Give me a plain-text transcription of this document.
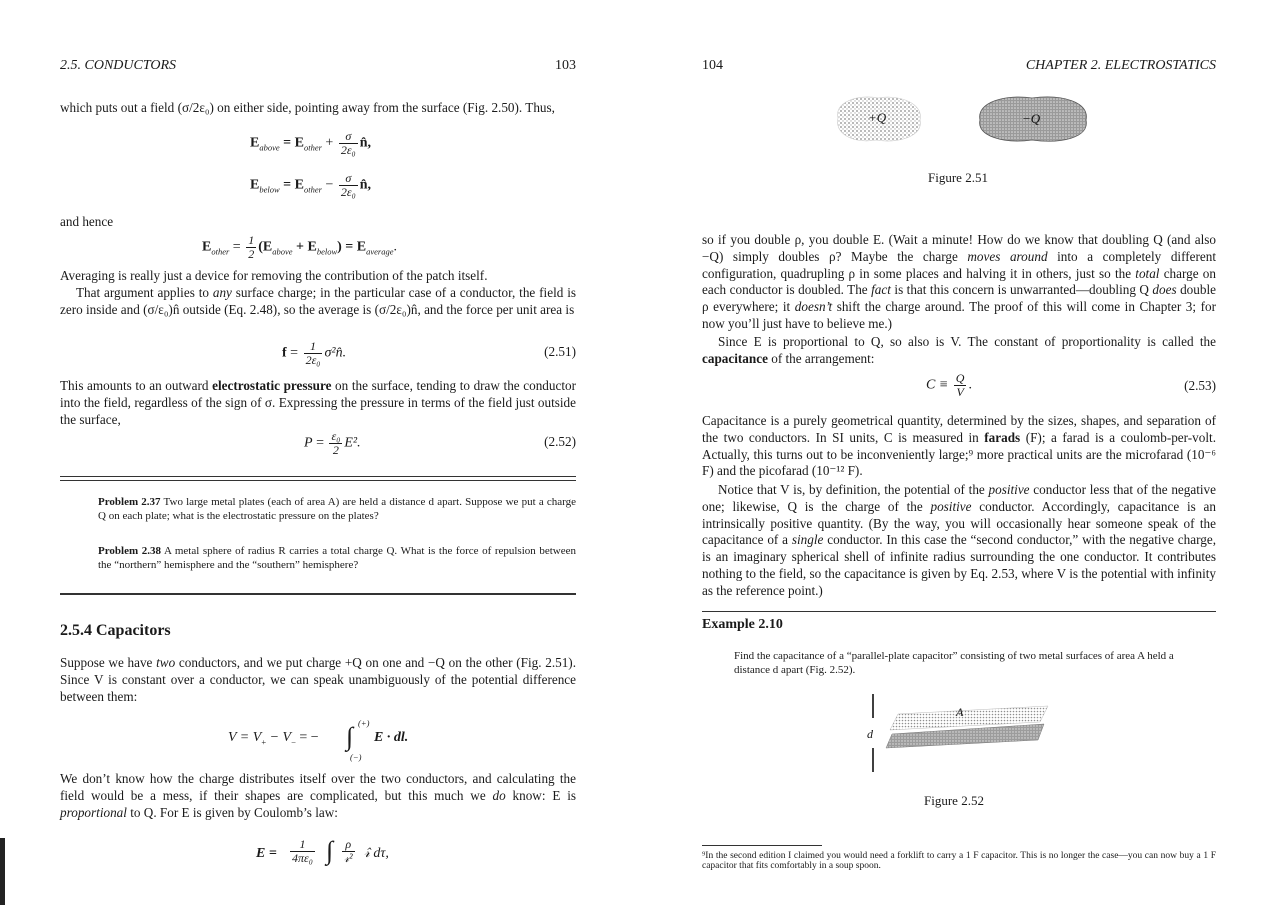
2.5. CONDUCTORS	103
which puts out a field (σ/2ε₀) on either side, pointing away from the surface (Fig. 2.50). Thus,
$E_{above} = E_{other} + \frac{\sigma}{\text{2ε₀}}$ n̂,
$E_{below} = E_{other} - \frac{\sigma}{\text{2ε₀}}$ n̂,
and hence
$E_{other} = \frac{1}{2} (E_{above} + E_{below}) = E_{average}$.
Averaging is really just a device for removing the contribution of the patch itself.
That argument applies to any surface charge; in the particular case of a conductor, the field is zero inside and (σ/ε₀)n̂ outside (Eq. 2.48), so the average is (σ/2ε₀)n̂, and the force per unit area is
$f = \frac{1}{\text{2ε₀}}$ σ²n̂.	(2.51)
This amounts to an outward electrostatic pressure on the surface, tending to draw the conductor into the field, regardless of the sign of σ. Expressing the pressure in terms of the field just outside the surface,
$P = \frac{\text{ε₀}}{2} E^2$.	(2.52)
Problem 2.37 Two large metal plates (each of area A) are held a distance d apart. Suppose we put a charge Q on each plate; what is the electrostatic pressure on the plates?
Problem 2.38 A metal sphere of radius R carries a total charge Q. What is the force of repulsion between the “northern” hemisphere and the “southern” hemisphere?
2.5.4 Capacitors
Suppose we have two conductors, and we put charge +Q on one and −Q on the other (Fig. 2.51). Since V is constant over a conductor, we can speak unambiguously of the potential difference between them:
$V = V_+ - V_-$ = − ∫ (+)
(−)
E · dl.
We don’t know how the charge distributes itself over the two conductors, and calculating the field would be a mess, if their shapes are complicated, but this much we do know: E is proportional to Q. For E is given by Coulomb’s law:
$E = \frac{1}{\text{4πε₀}}$ ∫ $\frac{\rho}{\text{𝓇²}}$ 𝓇̂ dτ,
104	CHAPTER 2. ELECTROSTATICS
+Q	−Q
Figure 2.51
so if you double ρ, you double E. (Wait a minute! How do we know that doubling Q (and also −Q) simply doubles ρ? Maybe the charge moves around into a completely different configuration, quadrupling ρ in some places and halving it in others, just so the total charge on each conductor is doubled. The fact is that this concern is unwarranted—doubling Q does double ρ everywhere; it doesn’t shift the charge around. The proof of this will come in Chapter 3; for now you’ll just have to believe me.)
Since E is proportional to Q, so also is V. The constant of proportionality is called the capacitance of the arrangement:
$C \equiv \frac{Q}{V}$ .	(2.53)
Capacitance is a purely geometrical quantity, determined by the sizes, shapes, and separation of the two conductors. In SI units, C is measured in farads (F); a farad is a coulomb-per-volt. Actually, this turns out to be inconveniently large;⁹ more practical units are the microfarad (10⁻⁶ F) and the picofarad (10⁻¹² F).
Notice that V is, by definition, the potential of the positive conductor less that of the negative one; likewise, Q is the charge of the positive conductor. Accordingly, capacitance is an intrinsically positive quantity. (By the way, you will occasionally hear someone speak of the capacitance of a single conductor. In this case the “second conductor,” with the negative charge, is an imaginary spherical shell of infinite radius surrounding the one conductor. It contributes nothing to the field, so the capacitance is given by Eq. 2.53, where V is the potential with infinity as the reference point.)
Example 2.10
Find the capacitance of a “parallel-plate capacitor” consisting of two metal surfaces of area A held a distance d apart (Fig. 2.52).
A
d
Figure 2.52
⁹In the second edition I claimed you would need a forklift to carry a 1 F capacitor. This is no longer the case—you can now buy a 1 F capacitor that fits comfortably in a soup spoon.
